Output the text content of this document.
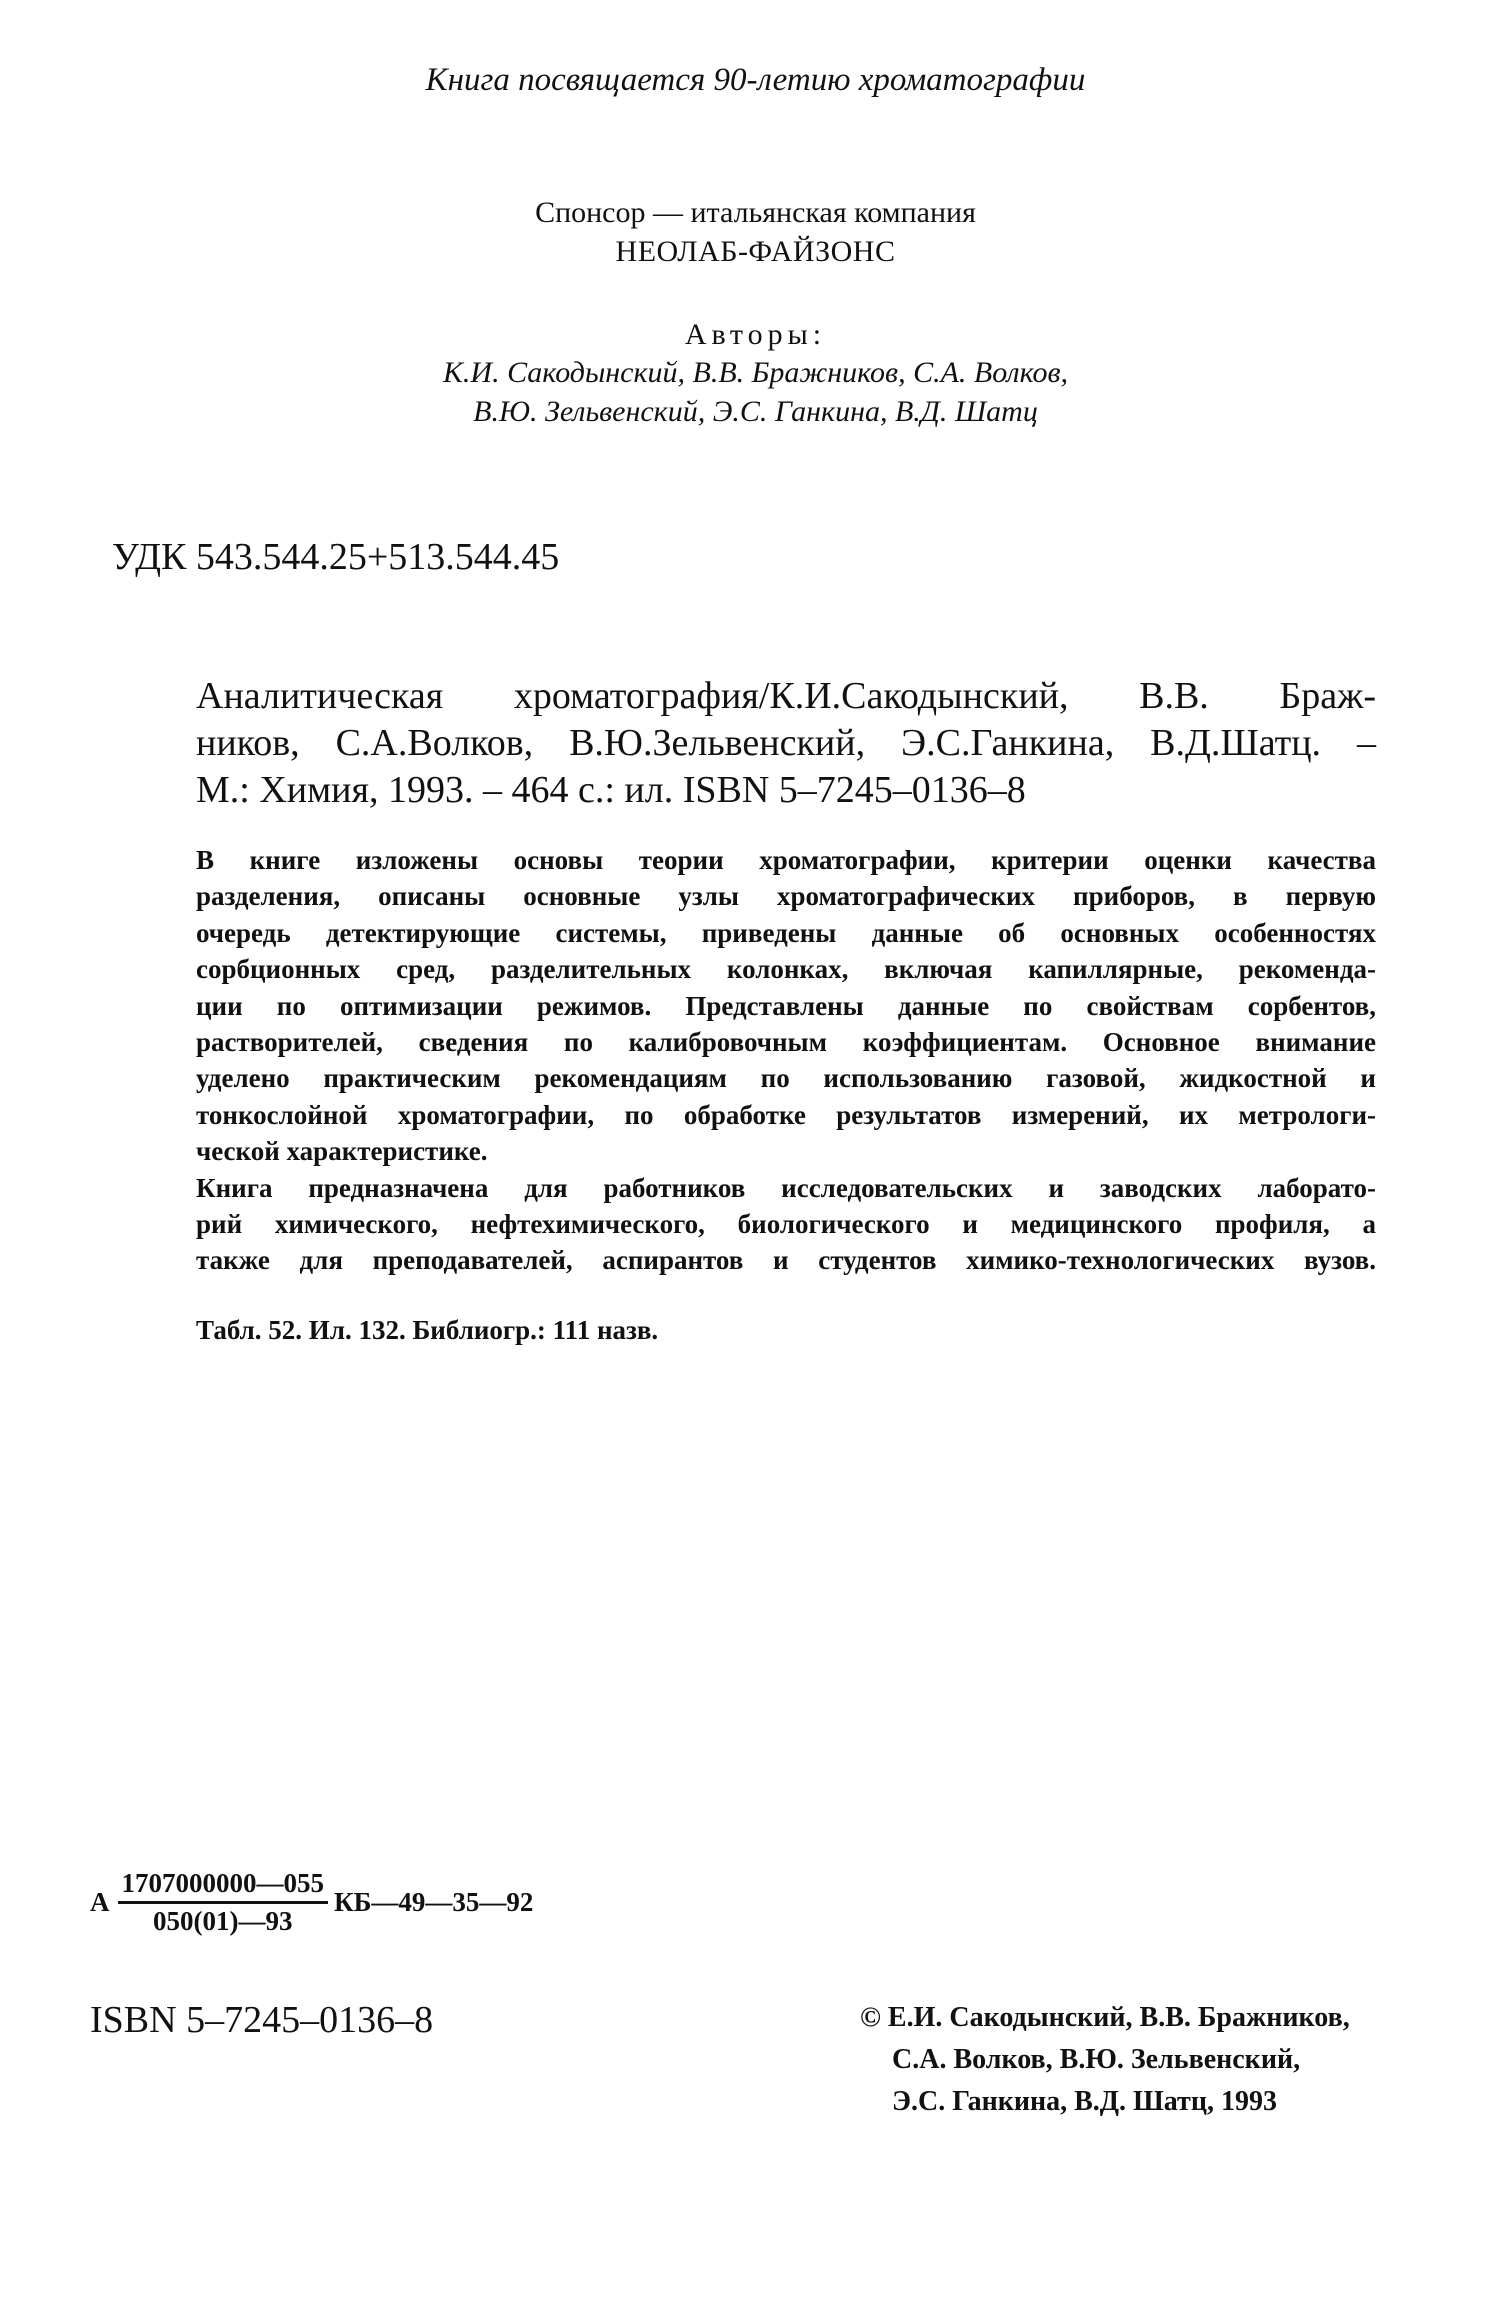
Книга посвящается 90-летию хроматографии
Спонсор — итальянская компания
НЕОЛАБ-ФАЙЗОНС
Авторы:
К.И. Сакодынский, В.В. Бражников, С.А. Волков,
В.Ю. Зельвенский, Э.С. Ганкина, В.Д. Шатц
УДК 543.544.25+513.544.45
Аналитическая хроматография/К.И.Сакодынский, В.В. Браж-
ников, С.А.Волков, В.Ю.Зельвенский, Э.С.Ганкина, В.Д.Шатц. –
М.: Химия, 1993. – 464 с.: ил. ISBN 5–7245–0136–8
В книге изложены основы теории хроматографии, критерии оценки качества
разделения, описаны основные узлы хроматографических приборов, в первую
очередь детектирующие системы, приведены данные об основных особенностях
сорбционных сред, разделительных колонках, включая капиллярные, рекоменда-
ции по оптимизации режимов. Представлены данные по свойствам сорбентов,
растворителей, сведения по калибровочным коэффициентам. Основное внимание
уделено практическим рекомендациям по использованию газовой, жидкостной и
тонкослойной хроматографии, по обработке результатов измерений, их метрологи-
ческой характеристике.
Книга предназначена для работников исследовательских и заводских лаборато-
рий химического, нефтехимического, биологического и медицинского профиля, а
также для преподавателей, аспирантов и студентов химико-технологических вузов.
Табл. 52. Ил. 132. Библиогр.: 111 назв.
А $\frac{1707000000—055}{050(01)—93}$ КБ—49—35—92
ISBN 5–7245–0136–8	© Е.И. Сакодынский, В.В. Бражников,
С.А. Волков, В.Ю. Зельвенский,
Э.С. Ганкина, В.Д. Шатц, 1993
